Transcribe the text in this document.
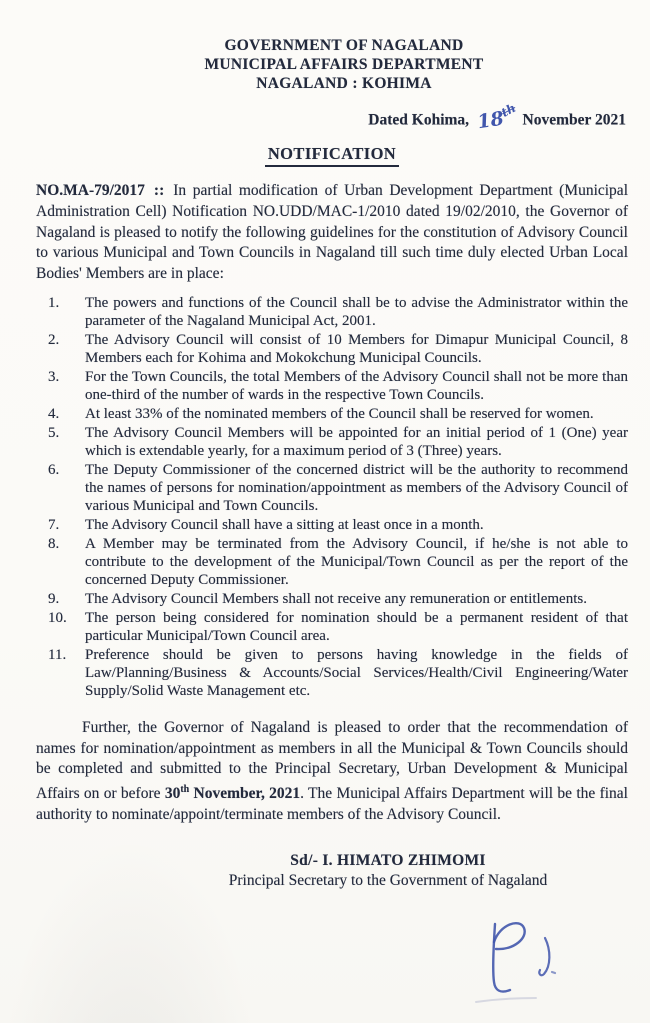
GOVERNMENT OF NAGALAND
MUNICIPAL AFFAIRS DEPARTMENT
NAGALAND : KOHIMA
Dated Kohima, 18th November 2021
NOTIFICATION

NO.MA-79/2017 :: In partial modification of Urban Development Department (Municipal Administration Cell) Notification NO.UDD/MAC-1/2010 dated 19/02/2010, the Governor of Nagaland is pleased to notify the following guidelines for the constitution of Advisory Council to various Municipal and Town Councils in Nagaland till such time duly elected Urban Local Bodies' Members are in place:

1.	The powers and functions of the Council shall be to advise the Administrator within the parameter of the Nagaland Municipal Act, 2001.
2.	The Advisory Council will consist of 10 Members for Dimapur Municipal Council, 8 Members each for Kohima and Mokokchung Municipal Councils.
3.	For the Town Councils, the total Members of the Advisory Council shall not be more than one-third of the number of wards in the respective Town Councils.
4.	At least 33% of the nominated members of the Council shall be reserved for women.
5.	The Advisory Council Members will be appointed for an initial period of 1 (One) year which is extendable yearly, for a maximum period of 3 (Three) years.
6.	The Deputy Commissioner of the concerned district will be the authority to recommend the names of persons for nomination/appointment as members of the Advisory Council of various Municipal and Town Councils.
7.	The Advisory Council shall have a sitting at least once in a month.
8.	A Member may be terminated from the Advisory Council, if he/she is not able to contribute to the development of the Municipal/Town Council as per the report of the concerned Deputy Commissioner.
9.	The Advisory Council Members shall not receive any remuneration or entitlements.
10.	The person being considered for nomination should be a permanent resident of that particular Municipal/Town Council area.
11.	Preference should be given to persons having knowledge in the fields of Law/Planning/Business & Accounts/Social Services/Health/Civil Engineering/Water Supply/Solid Waste Management etc.

Further, the Governor of Nagaland is pleased to order that the recommendation of names for nomination/appointment as members in all the Municipal & Town Councils should be completed and submitted to the Principal Secretary, Urban Development & Municipal Affairs on or before 30th November, 2021. The Municipal Affairs Department will be the final authority to nominate/appoint/terminate members of the Advisory Council.

Sd/- I. HIMATO ZHIMOMI
Principal Secretary to the Government of Nagaland
